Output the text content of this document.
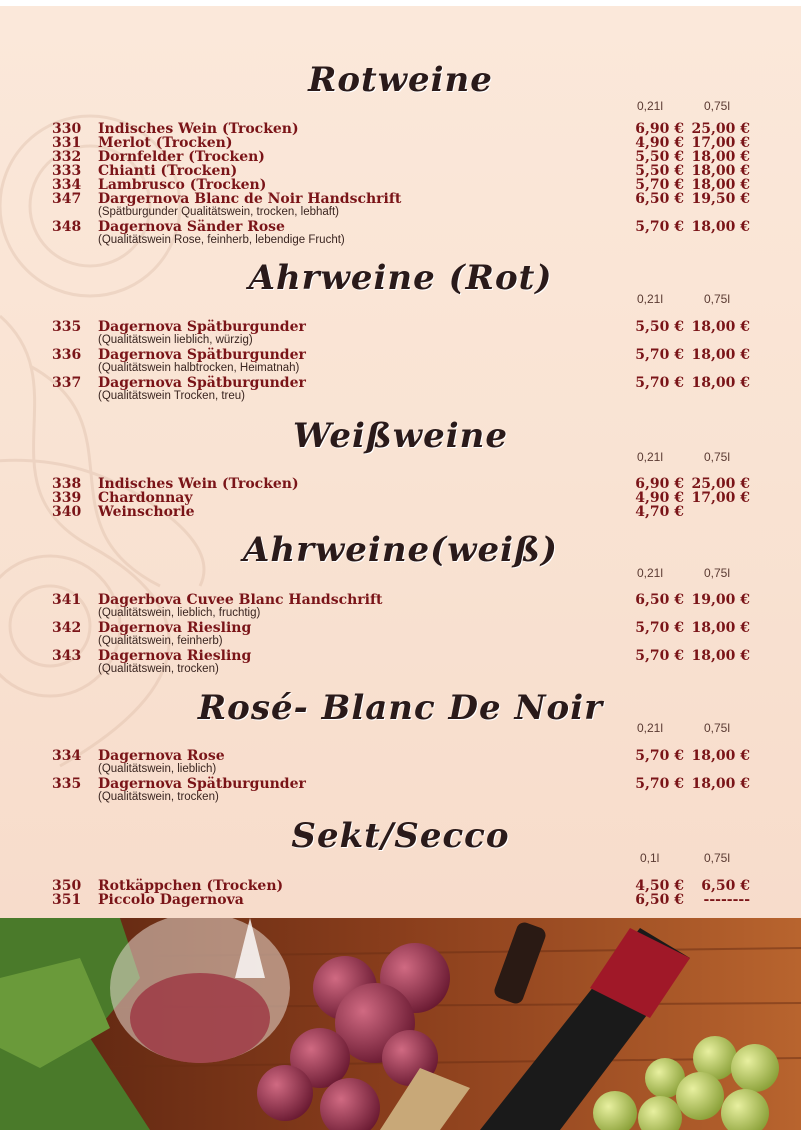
Rotweine
0,21l	0,75l
330 Indisches Wein (Trocken)	6,90 € 25,00 €
331 Merlot (Trocken)	4,90 € 17,00 €
332 Dornfelder (Trocken)	5,50 € 18,00 €
333 Chianti (Trocken)	5,50 € 18,00 €
334 Lambrusco (Trocken)	5,70 € 18,00 €
347 Dargernova Blanc de Noir Handschrift	6,50 € 19,50 €
(Spätburgunder Qualitätswein, trocken, lebhaft)
348 Dagernova Sänder Rose	5,70 € 18,00 €
(Qualitätswein Rose, feinherb, lebendige Frucht)
Ahrweine (Rot)
0,21l	0,75l
335 Dagernova Spätburgunder	5,50 € 18,00 €
(Qualitätswein lieblich, würzig)
336 Dagernova Spätburgunder	5,70 € 18,00 €
(Qualitätswein halbtrocken, Heimatnah)
337 Dagernova Spätburgunder	5,70 € 18,00 €
(Qualitätswein Trocken, treu)
Weißweine
0,21l	0,75l
338 Indisches Wein (Trocken)	6,90 € 25,00 €
339 Chardonnay	4,90 € 17,00 €
340 Weinschorle	4,70 €
Ahrweine(weiß)
0,21l	0,75l
341 Dagerbova Cuvee Blanc Handschrift	6,50 € 19,00 €
(Qualitätswein, lieblich, fruchtig)
342 Dagernova Riesling	5,70 € 18,00 €
(Qualitätswein, feinherb)
343 Dagernova Riesling	5,70 € 18,00 €
(Qualitätswein, trocken)
Rosé- Blanc De Noir	0,21l	0,75l
334 Dagernova Rose	5,70 € 18,00 €
(Qualitätswein, lieblich)
335 Dagernova Spätburgunder	5,70 € 18,00 €
(Qualitätswein, trocken)
Sekt/Secco
0,1l	0,75l
350 Rotkäppchen (Trocken)	4,50 € 6,50 €
351 Piccolo Dagernova	6,50 € --------
